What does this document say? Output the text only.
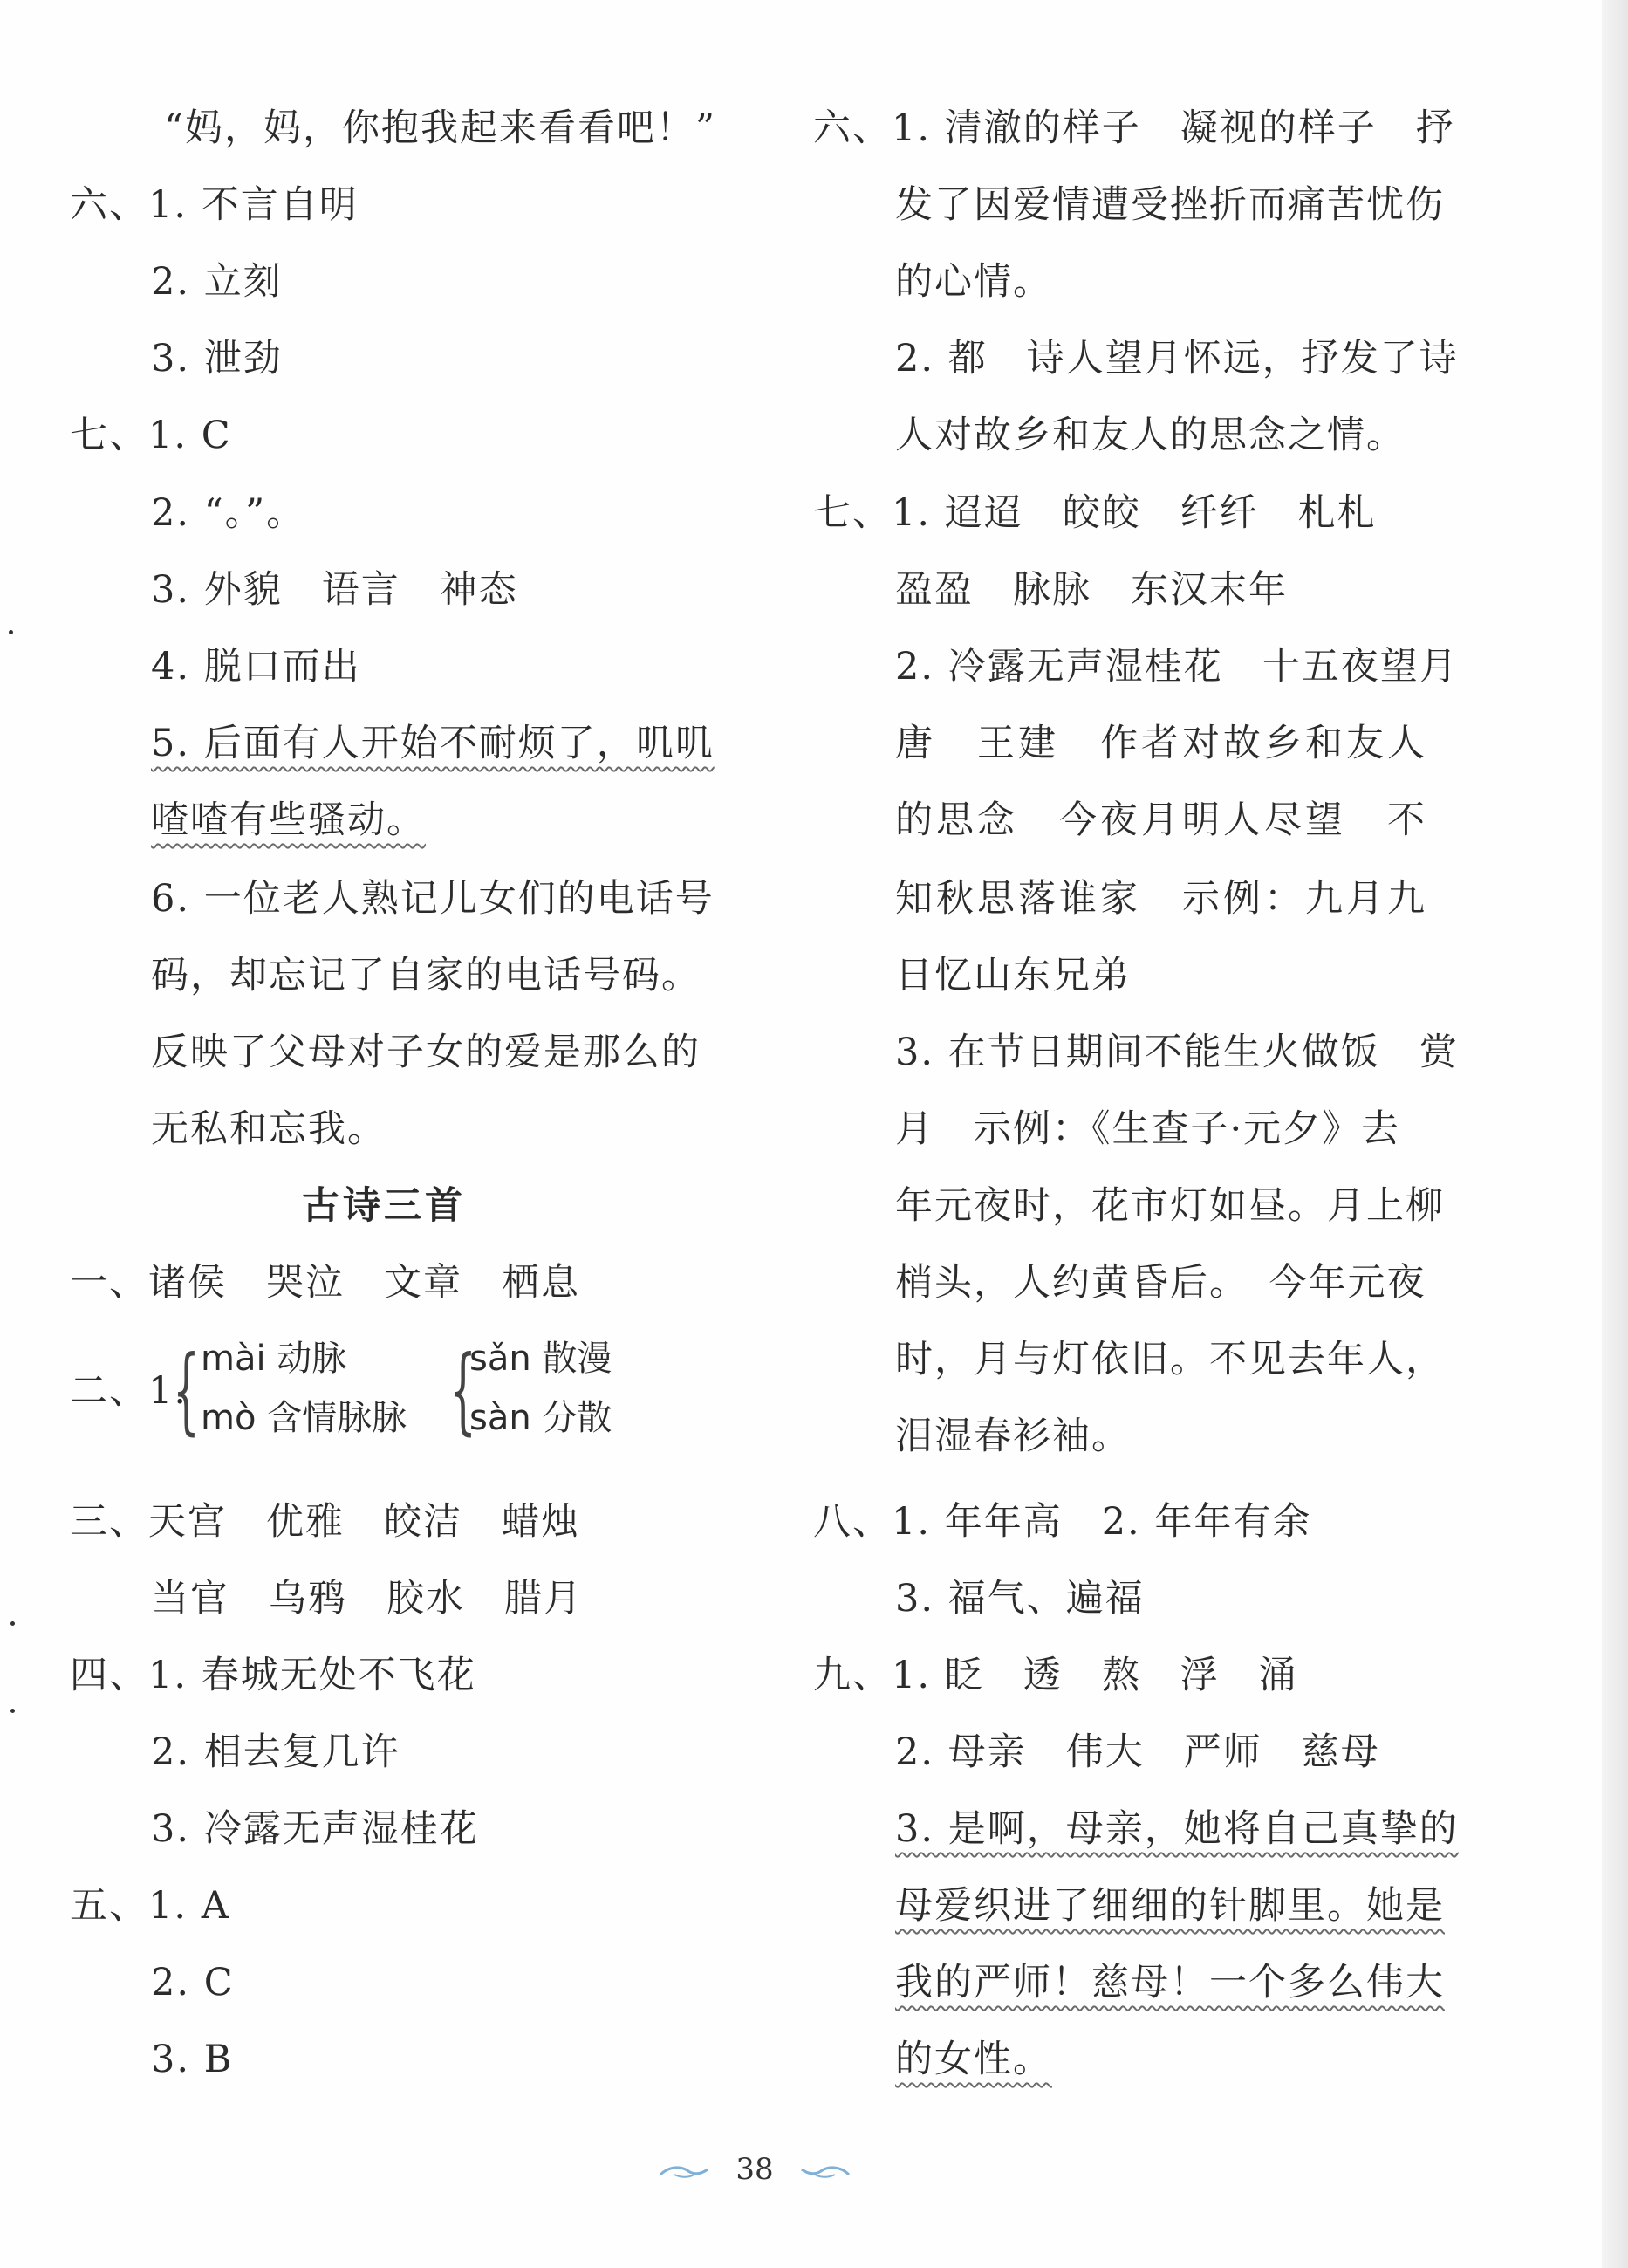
“妈，妈，你抱我起来看看吧！”
六、1. 不言自明
2. 立刻
3. 泄劲
七、1. C
2. “。”。
3. 外貌　语言　神态
4. 脱口而出
5. 后面有人开始不耐烦了，叽叽
喳喳有些骚动。
6. 一位老人熟记儿女们的电话号
码，却忘记了自家的电话号码。
反映了父母对子女的爱是那么的
无私和忘我。
古诗三首
一、诸侯　哭泣　文章　栖息
二、1.
{ mài 动脉
mò 含情脉脉 {
sǎn 散漫
sàn 分散
三、天宫　优雅　皎洁　蜡烛
当官　乌鸦　胶水　腊月
四、1. 春城无处不飞花
2. 相去复几许
3. 冷露无声湿桂花
五、1. A
2. C
3. B
六、1. 清澈的样子　凝视的样子　抒
发了因爱情遭受挫折而痛苦忧伤
的心情。
2. 都　诗人望月怀远，抒发了诗
人对故乡和友人的思念之情。
七、1. 迢迢　皎皎　纤纤　札札
盈盈　脉脉　东汉末年
2. 冷露无声湿桂花　十五夜望月
唐　王建　作者对故乡和友人
的思念　今夜月明人尽望　不
知秋思落谁家　示例：九月九
日忆山东兄弟
3. 在节日期间不能生火做饭　赏
月　示例：《生查子·元夕》去
年元夜时，花市灯如昼。月上柳
梢头，人约黄昏后。　今年元夜
时，月与灯依旧。不见去年人，
泪湿春衫袖。
八、1. 年年高　2. 年年有余
3. 福气、遍福
九、1. 眨　透　熬　浮　涌
2. 母亲　伟大　严师　慈母
3. 是啊，母亲，她将自己真挚的
母爱织进了细细的针脚里。她是
我的严师！慈母！一个多么伟大
的女性。
38
